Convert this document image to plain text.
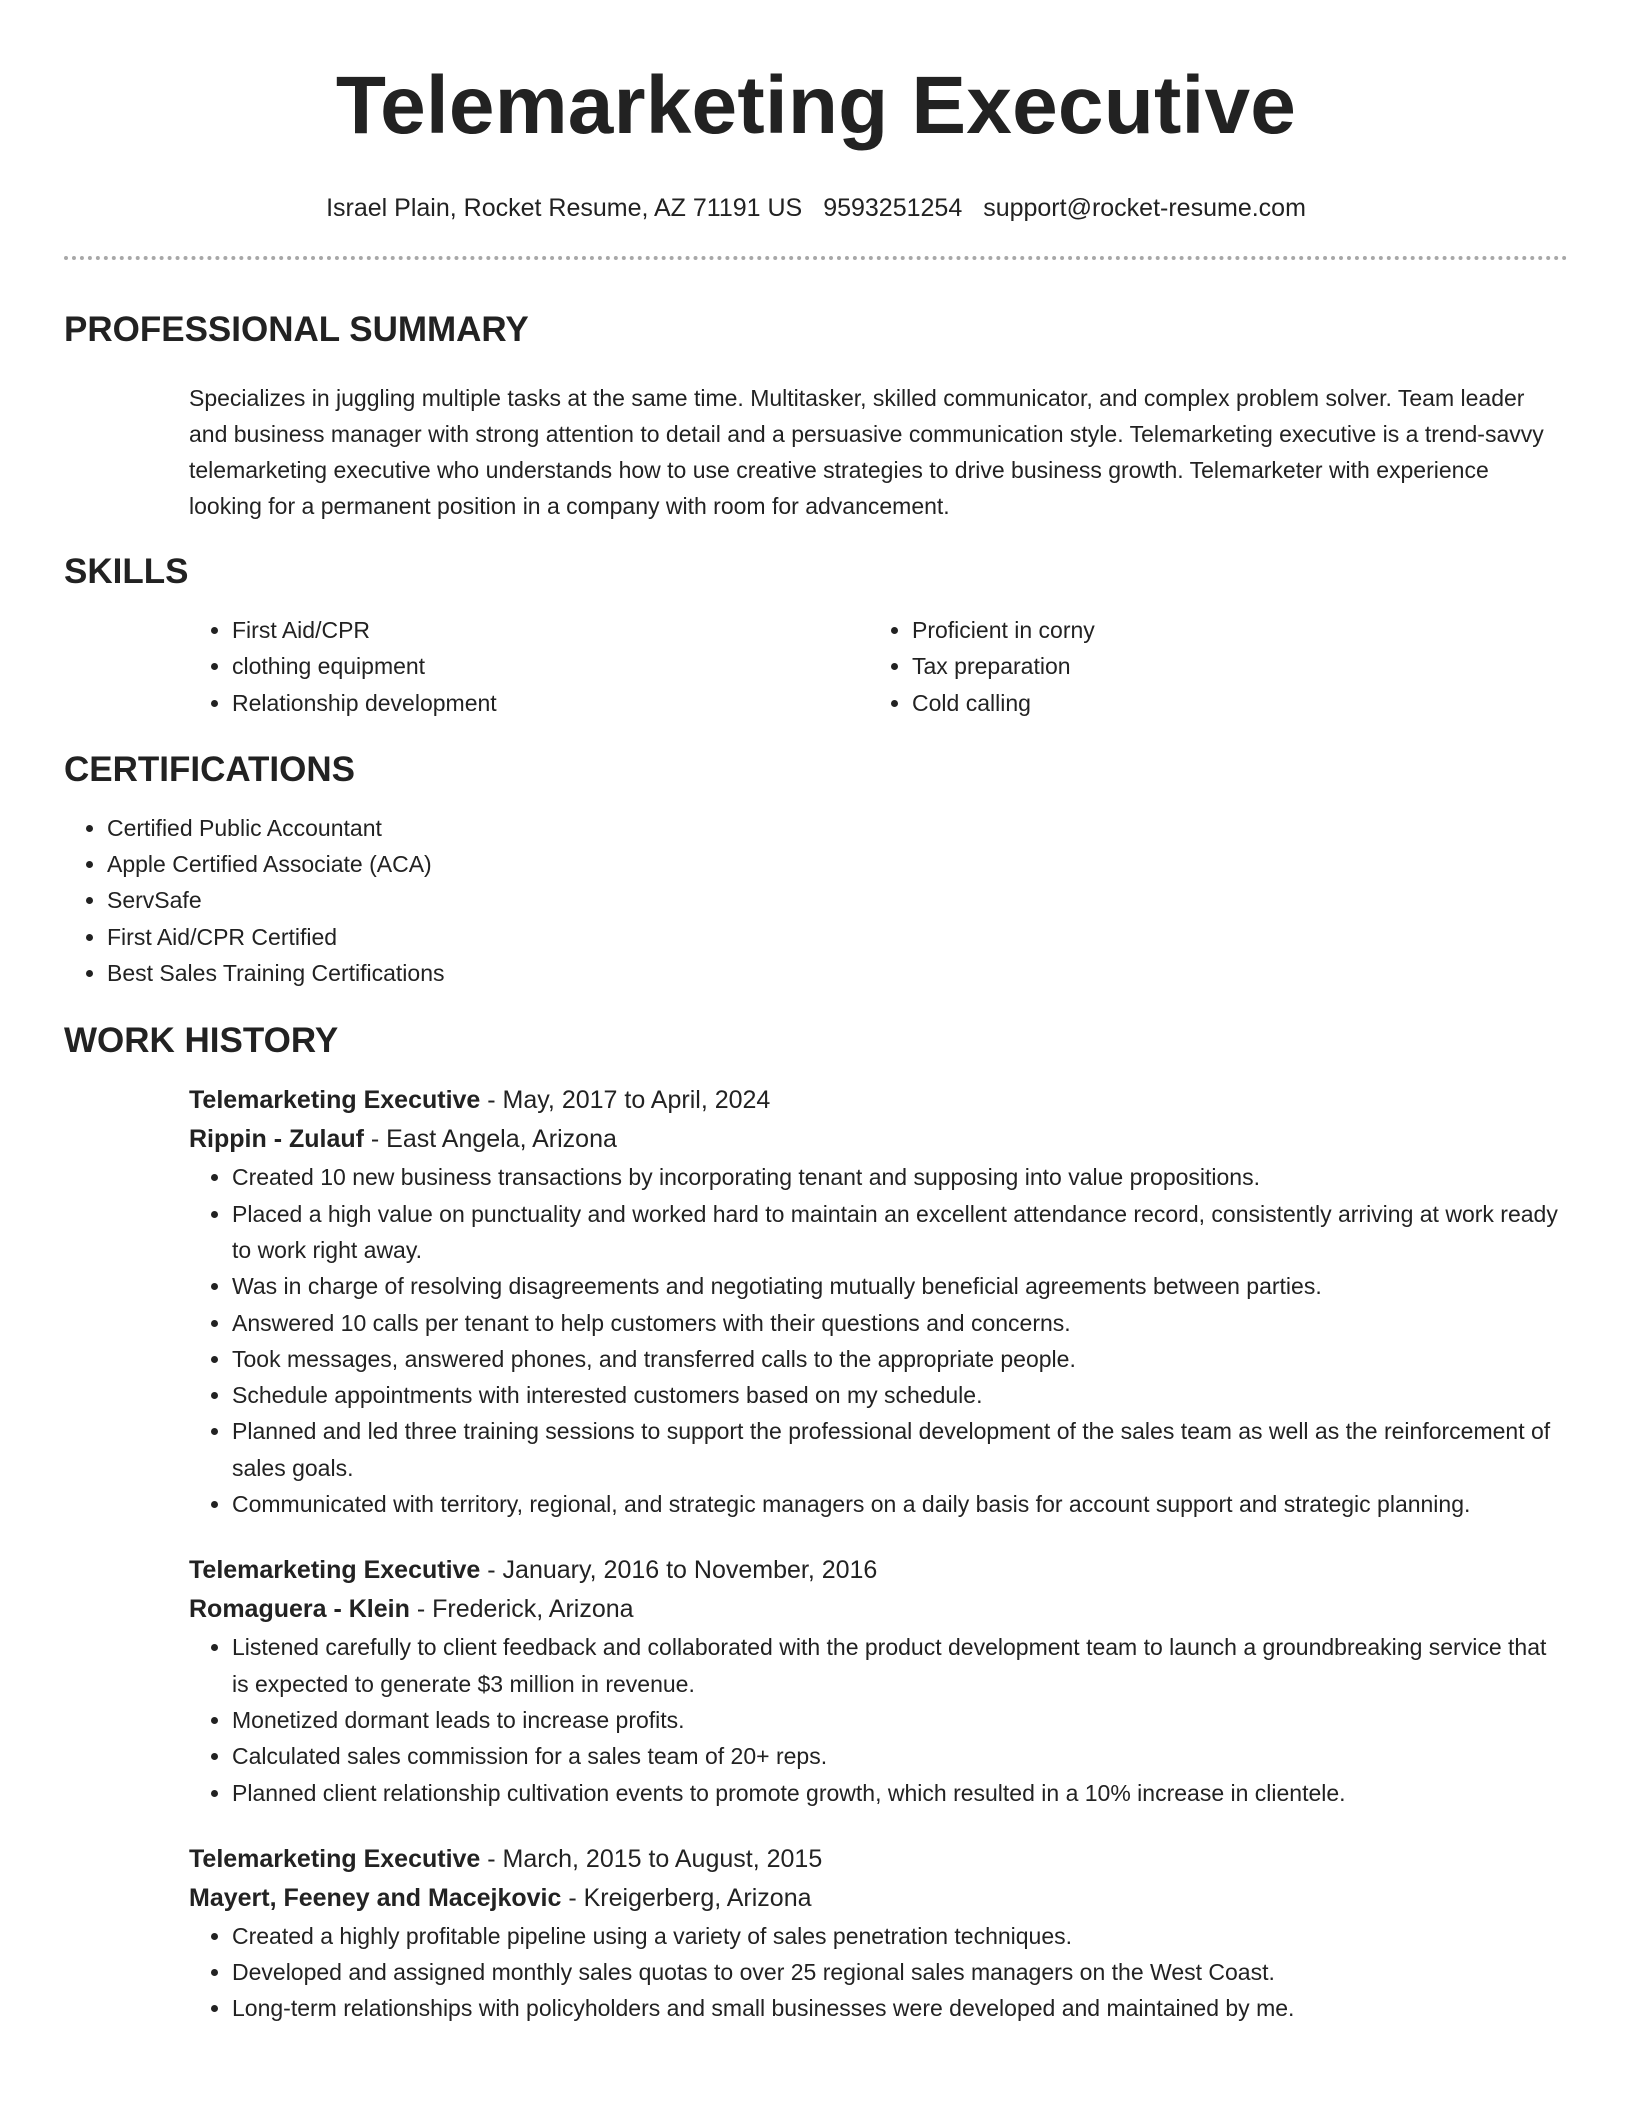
Telemarketing Executive
Israel Plain, Rocket Resume, AZ 71191 US 9593251254 support@rocket-resume.com
PROFESSIONAL SUMMARY

Specializes in juggling multiple tasks at the same time. Multitasker, skilled communicator, and complex problem solver. Team leader and business manager with strong attention to detail and a persuasive communication style. Telemarketing executive is a trend-savvy telemarketing executive who understands how to use creative strategies to drive business growth. Telemarketer with experience looking for a permanent position in a company with room for advancement.

SKILLS
• First Aid/CPR
• clothing equipment
• Relationship development
• Proficient in corny
• Tax preparation
• Cold calling
CERTIFICATIONS
• Certified Public Accountant
• Apple Certified Associate (ACA)
• ServSafe
• First Aid/CPR Certified
• Best Sales Training Certifications
WORK HISTORY
Telemarketing Executive - May, 2017 to April, 2024
Rippin - Zulauf - East Angela, Arizona
• Created 10 new business transactions by incorporating tenant and supposing into value propositions.
• Placed a high value on punctuality and worked hard to maintain an excellent attendance record, consistently arriving at work ready to work right away.
• Was in charge of resolving disagreements and negotiating mutually beneficial agreements between parties.
• Answered 10 calls per tenant to help customers with their questions and concerns.
• Took messages, answered phones, and transferred calls to the appropriate people.
• Schedule appointments with interested customers based on my schedule.
• Planned and led three training sessions to support the professional development of the sales team as well as the reinforcement of sales goals.
• Communicated with territory, regional, and strategic managers on a daily basis for account support and strategic planning.
Telemarketing Executive - January, 2016 to November, 2016
Romaguera - Klein - Frederick, Arizona
• Listened carefully to client feedback and collaborated with the product development team to launch a groundbreaking service that is expected to generate $3 million in revenue.
• Monetized dormant leads to increase profits.
• Calculated sales commission for a sales team of 20+ reps.
• Planned client relationship cultivation events to promote growth, which resulted in a 10% increase in clientele.
Telemarketing Executive - March, 2015 to August, 2015
Mayert, Feeney and Macejkovic - Kreigerberg, Arizona
• Created a highly profitable pipeline using a variety of sales penetration techniques.
• Developed and assigned monthly sales quotas to over 25 regional sales managers on the West Coast.
• Long-term relationships with policyholders and small businesses were developed and maintained by me.
